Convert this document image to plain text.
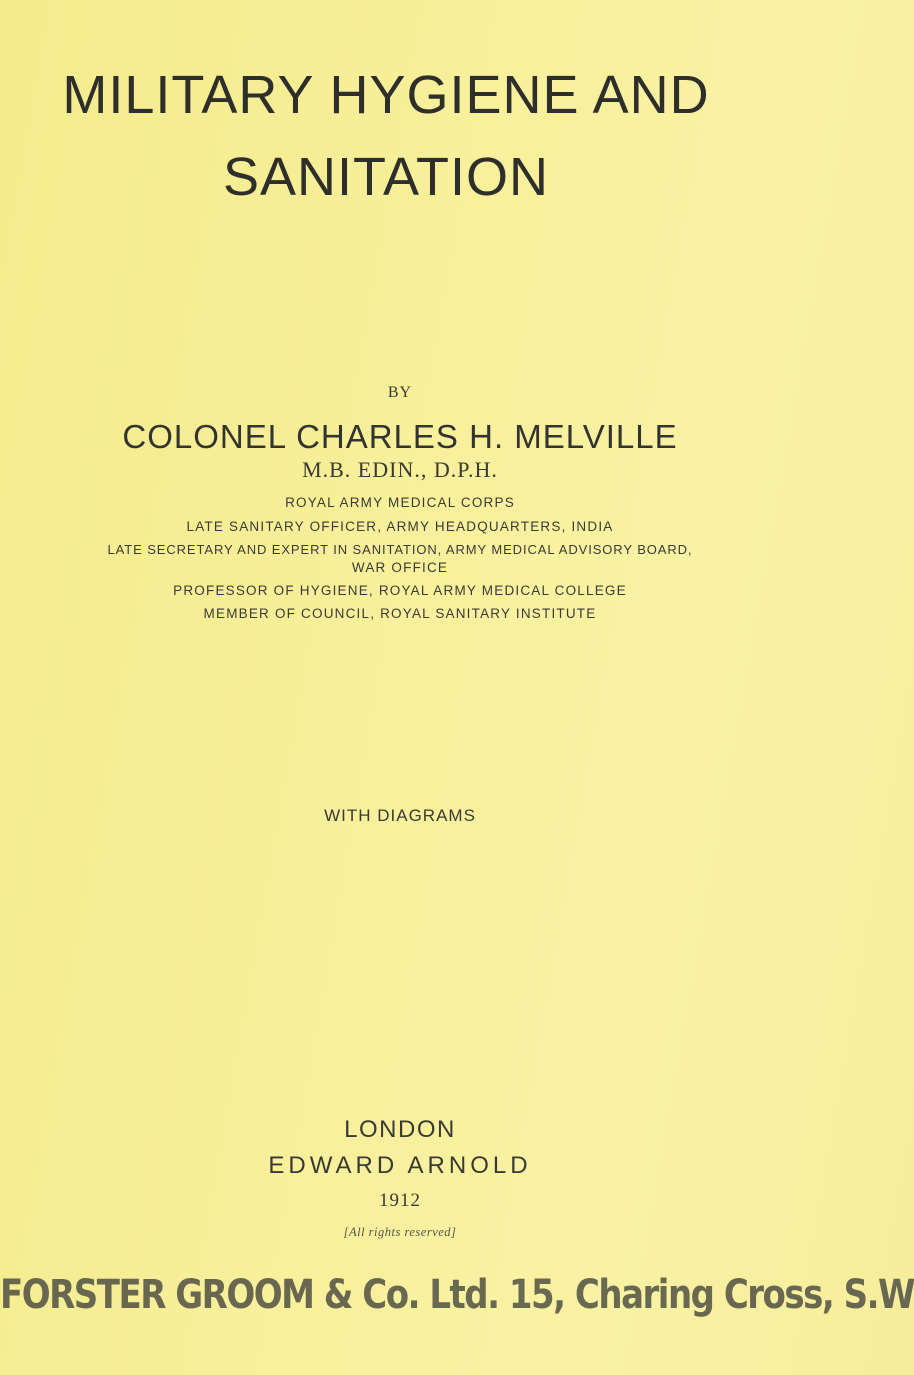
MILITARY HYGIENE AND
SANITATION
BY
COLONEL CHARLES H. MELVILLE
M.B. EDIN., D.P.H.
ROYAL ARMY MEDICAL CORPS
LATE SANITARY OFFICER, ARMY HEADQUARTERS, INDIA
LATE SECRETARY AND EXPERT IN SANITATION, ARMY MEDICAL ADVISORY BOARD,
WAR OFFICE
PROFESSOR OF HYGIENE, ROYAL ARMY MEDICAL COLLEGE
MEMBER OF COUNCIL, ROYAL SANITARY INSTITUTE
WITH DIAGRAMS
LONDON
EDWARD ARNOLD
1912
[All rights reserved]
FORSTER GROOM & Co. Ltd. 15, Charing Cross, S.W
